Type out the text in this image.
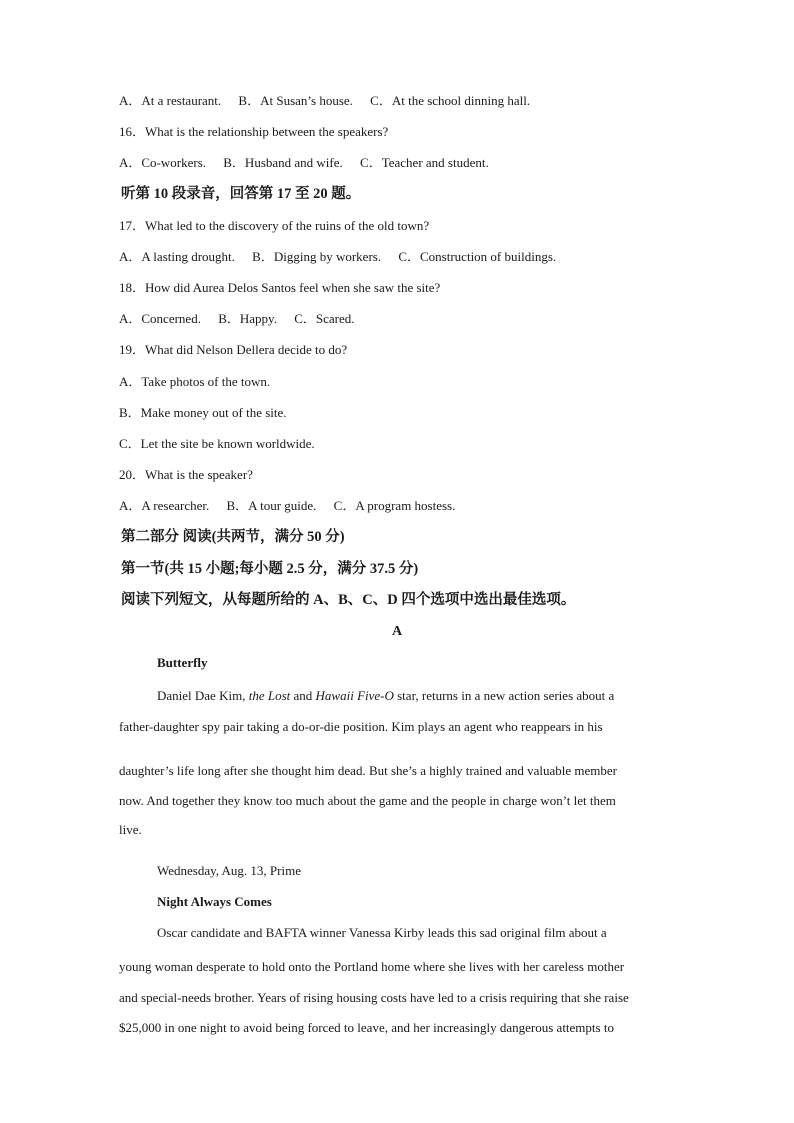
A．At a restaurant. B．At Susan’s house. C．At the school dinning hall.
16．What is the relationship between the speakers?
A．Co-workers. B．Husband and wife. C．Teacher and student.
听第 10 段录音，回答第 17 至 20 题。
17．What led to the discovery of the ruins of the old town?
A．A lasting drought. B．Digging by workers. C．Construction of buildings.
18．How did Aurea Delos Santos feel when she saw the site?
A．Concerned. B．Happy. C．Scared.
19．What did Nelson Dellera decide to do?
A．Take photos of the town.
B．Make money out of the site.
C．Let the site be known worldwide.
20．What is the speaker?
A．A researcher. B．A tour guide. C．A program hostess.
第二部分 阅读(共两节，满分 50 分)
第一节(共 15 小题;每小题 2.5 分，满分 37.5 分)
阅读下列短文，从每题所给的 A、B、C、D 四个选项中选出最佳选项。
A
Butterfly
Daniel Dae Kim, the Lost and Hawaii Five-O star, returns in a new action series about a
father-daughter spy pair taking a do-or-die position. Kim plays an agent who reappears in his
daughter’s life long after she thought him dead. But she’s a highly trained and valuable member
now. And together they know too much about the game and the people in charge won’t let them
live.
Wednesday, Aug. 13, Prime
Night Always Comes
Oscar candidate and BAFTA winner Vanessa Kirby leads this sad original film about a
young woman desperate to hold onto the Portland home where she lives with her careless mother
and special-needs brother. Years of rising housing costs have led to a crisis requiring that she raise
$25,000 in one night to avoid being forced to leave, and her increasingly dangerous attempts to
